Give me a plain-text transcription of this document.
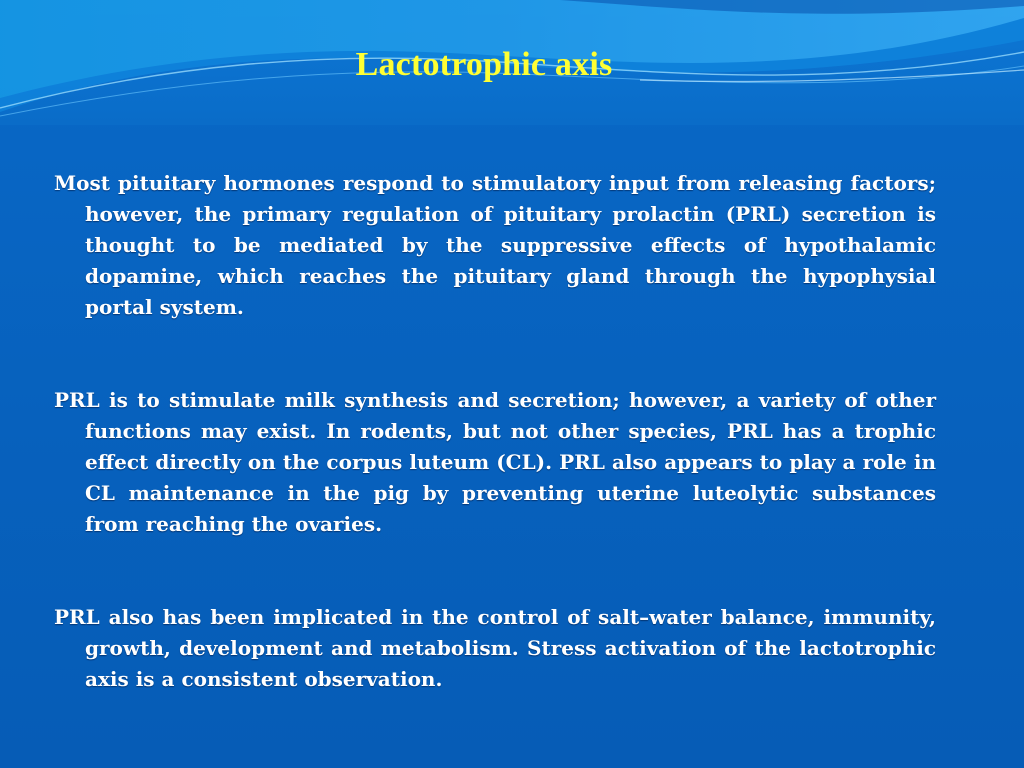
Lactotrophic axis

Most pituitary hormones respond to stimulatory input from releasing factors; however, the primary regulation of pituitary prolactin (PRL) secretion is thought to be mediated by the suppressive effects of hypothalamic dopamine, which reaches the pituitary gland through the hypophysial portal system.

PRL is to stimulate milk synthesis and secretion; however, a variety of other functions may exist. In rodents, but not other species, PRL has a trophic effect directly on the corpus luteum (CL). PRL also appears to play a role in CL maintenance in the pig by preventing uterine luteolytic substances from reaching the ovaries.

PRL also has been implicated in the control of salt–water balance, immunity, growth, development and metabolism. Stress activation of the lactotrophic axis is a consistent observation.
